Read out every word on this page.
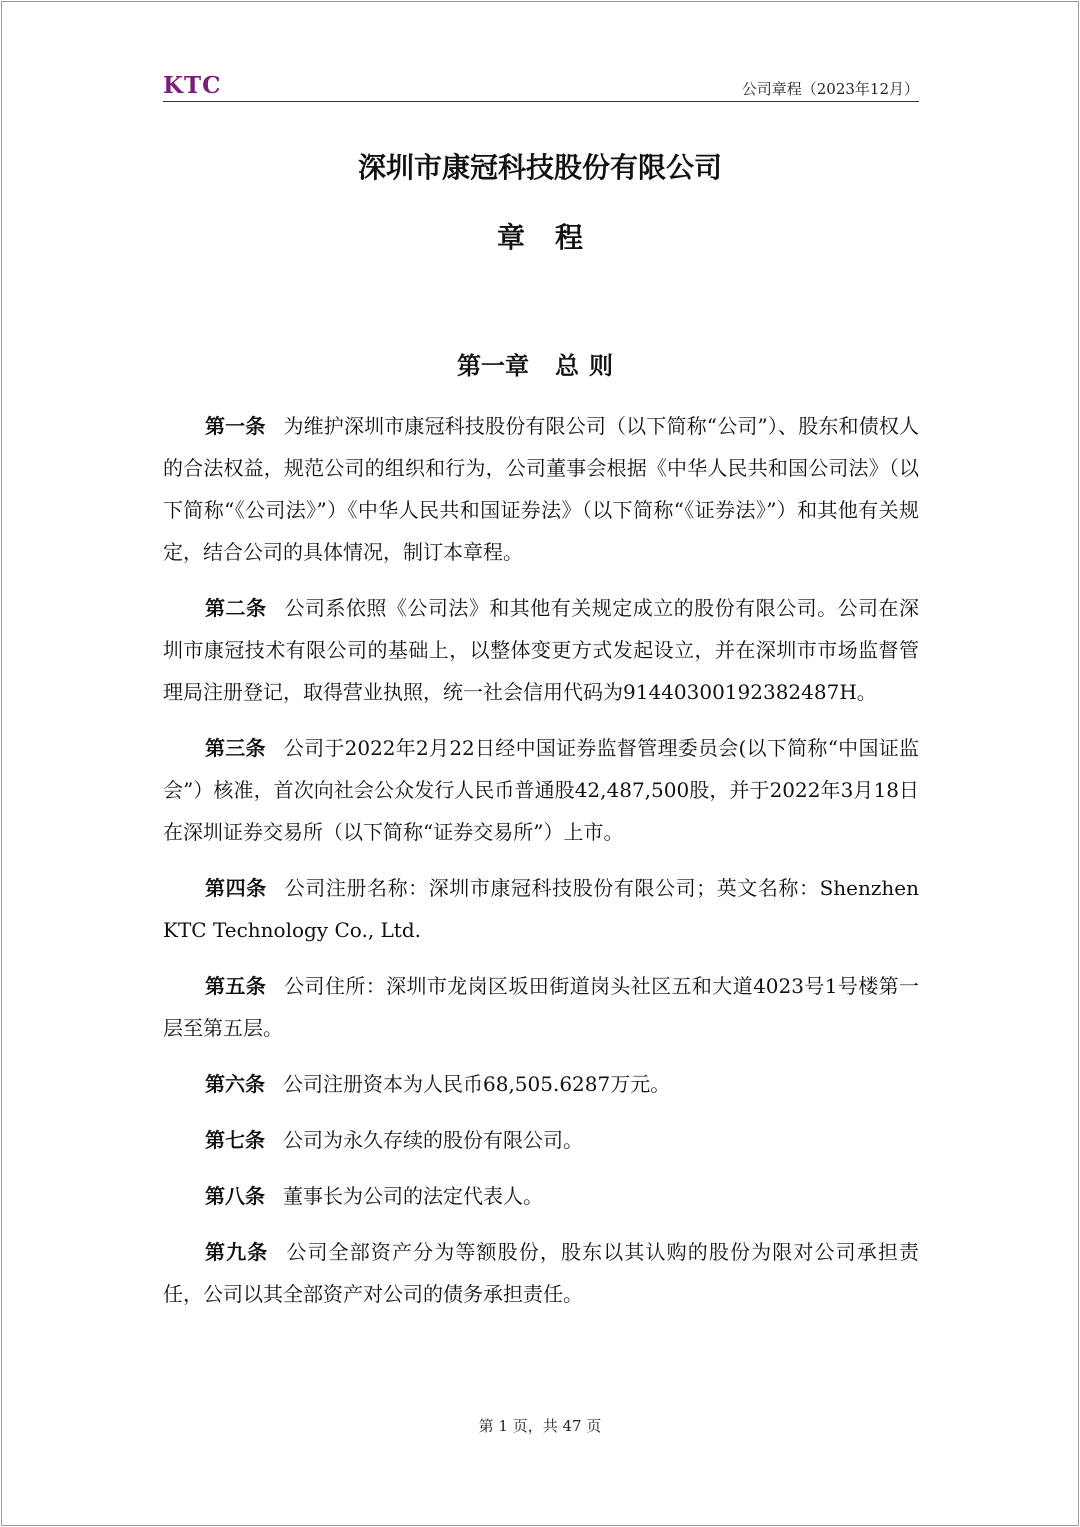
KTC	公司章程（2023年12月）
深圳市康冠科技股份有限公司
章程
第一章 总则

第一条 为维护深圳市康冠科技股份有限公司（以下简称“公司”）、股东和债权人的合法权益，规范公司的组织和行为，公司董事会根据《中华人民共和国公司法》（以下简称“《公司法》”）《中华人民共和国证券法》（以下简称“《证券法》”）和其他有关规定，结合公司的具体情况，制订本章程。

第二条 公司系依照《公司法》和其他有关规定成立的股份有限公司。公司在深圳市康冠技术有限公司的基础上，以整体变更方式发起设立，并在深圳市市场监督管理局注册登记，取得营业执照，统一社会信用代码为91440300192382487H。

第三条 公司于2022年2月22日经中国证券监督管理委员会(以下简称“中国证监会”）核准，首次向社会公众发行人民币普通股42,487,500股，并于2022年3月18日在深圳证券交易所（以下简称“证券交易所”）上市。

第四条 公司注册名称：深圳市康冠科技股份有限公司；英文名称：Shenzhen KTC Technology Co., Ltd.

第五条 公司住所：深圳市龙岗区坂田街道岗头社区五和大道4023号1号楼第一层至第五层。

第六条 公司注册资本为人民币68,505.6287万元。

第七条 公司为永久存续的股份有限公司。

第八条 董事长为公司的法定代表人。

第九条 公司全部资产分为等额股份，股东以其认购的股份为限对公司承担责任，公司以其全部资产对公司的债务承担责任。

第 1 页，共 47 页
